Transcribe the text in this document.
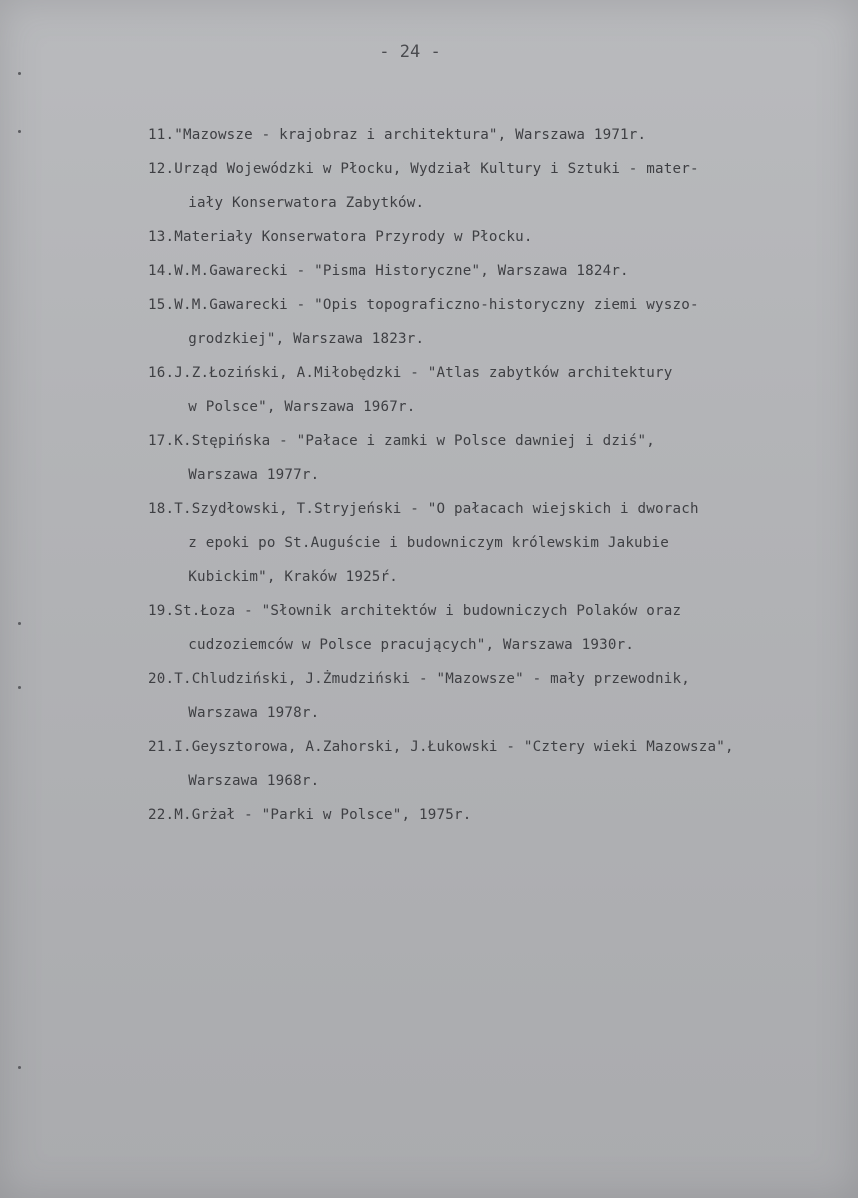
- 24 -
11. "Mazowsze - krajobraz i architektura", Warszawa 1971r.
12. Urząd Wojewódzki w Płocku, Wydział Kultury i Sztuki - mater-
iały Konserwatora Zabytków.
13. Materiały Konserwatora Przyrody w Płocku.
14. W.M.Gawarecki - "Pisma Historyczne", Warszawa 1824r.
15. W.M.Gawarecki - "Opis topograficzno-historyczny ziemi wyszo-
grodzkiej", Warszawa 1823r.
16. J.Z.Łoziński, A.Miłobędzki - "Atlas zabytków architektury
w Polsce", Warszawa 1967r.
17. K.Stępińska - "Pałace i zamki w Polsce dawniej i dziś",
Warszawa 1977r.
18. T.Szydłowski, T.Stryjeński - "O pałacach wiejskich i dworach
z epoki po St.Auguście i budowniczym królewskim Jakubie
Kubickim", Kraków 1925ŕ.
19. St.Łoza - "Słownik architektów i budowniczych Polaków oraz
cudzoziemców w Polsce pracujących", Warszawa 1930r.
20. T.Chludziński, J.Żmudziński - "Mazowsze" - mały przewodnik,
Warszawa 1978r.
21. I.Geysztorowa, A.Zahorski, J.Łukowski - "Cztery wieki Mazowsza",
Warszawa 1968r.
22. M.Grżał - "Parki w Polsce", 1975r.
